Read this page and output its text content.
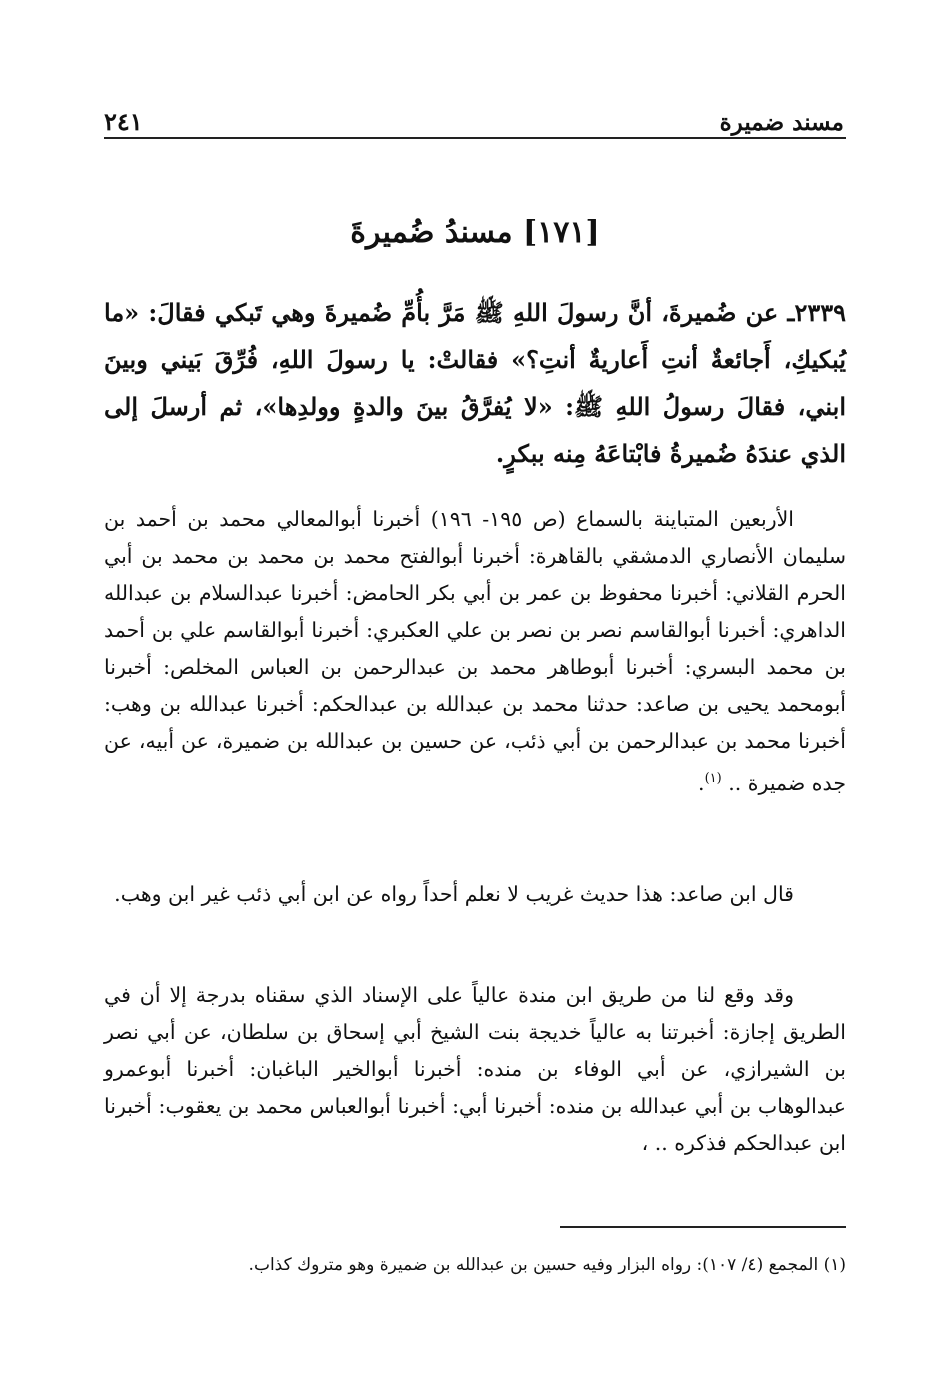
مسند ضميرة
٢٤١
[١٧١] مسندُ ضُميرةَ

٢٣٣٩ـ عن ضُميرةَ، أنَّ رسولَ اللهِ ﷺ مَرَّ بأُمِّ ضُميرةَ وهي تَبكي فقالَ: «ما يُبكيكِ، أَجائعةٌ أنتِ أَعاريةٌ أنتِ؟» فقالتْ: يا رسولَ اللهِ، فُرِّقَ بَيني وبينَ ابني، فقالَ رسولُ اللهِ ﷺ: «لا يُفرَّقُ بينَ والدةٍ وولدِها»، ثم أرسلَ إلى الذي عندَهُ ضُميرةُ فابْتاعَهُ مِنه ببكرٍ.

الأربعين المتباينة بالسماع (ص ١٩٥- ١٩٦) أخبرنا أبوالمعالي محمد بن أحمد بن سليمان الأنصاري الدمشقي بالقاهرة: أخبرنا أبوالفتح محمد بن محمد بن محمد بن أبي الحرم القلاني: أخبرنا محفوظ بن عمر بن أبي بكر الحامض: أخبرنا عبدالسلام بن عبدالله الداهري: أخبرنا أبوالقاسم نصر بن نصر بن علي العكبري: أخبرنا أبوالقاسم علي بن أحمد بن محمد البسري: أخبرنا أبوطاهر محمد بن عبدالرحمن بن العباس المخلص: أخبرنا أبومحمد يحيى بن صاعد: حدثنا محمد بن عبدالله بن عبدالحكم: أخبرنا عبدالله بن وهب: أخبرنا محمد بن عبدالرحمن بن أبي ذئب، عن حسين بن عبدالله بن ضميرة، عن أبيه، عن جده ضميرة .. $^{(١)}$.

قال ابن صاعد: هذا حديث غريب لا نعلم أحداً رواه عن ابن أبي ذئب غير ابن وهب.

وقد وقع لنا من طريق ابن مندة عالياً على الإسناد الذي سقناه بدرجة إلا أن في الطريق إجازة: أخبرتنا به عالياً خديجة بنت الشيخ أبي إسحاق بن سلطان، عن أبي نصر بن الشيرازي، عن أبي الوفاء بن منده: أخبرنا أبوالخير الباغبان: أخبرنا أبوعمرو عبدالوهاب بن أبي عبدالله بن منده: أخبرنا أبي: أخبرنا أبوالعباس محمد بن يعقوب: أخبرنا ابن عبدالحكم فذكره .. ،

(١) المجمع (٤/ ١٠٧): رواه البزار وفيه حسين بن عبدالله بن ضميرة وهو متروك كذاب.
